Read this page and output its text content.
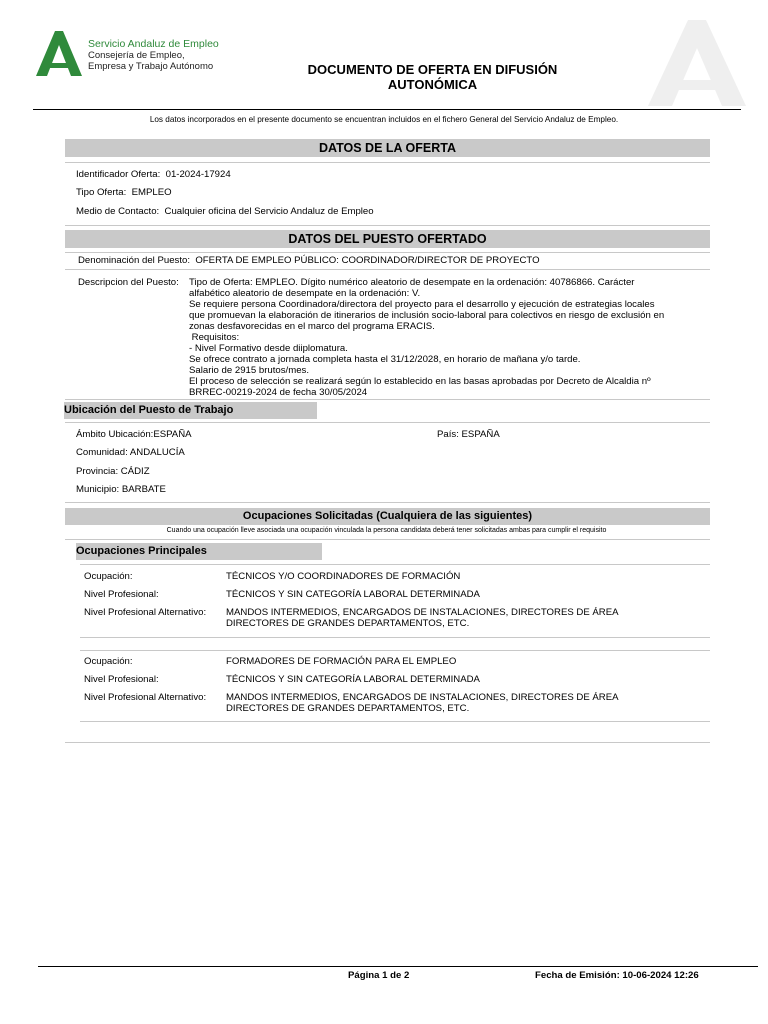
Servicio Andaluz de Empleo
Consejería de Empleo,
Empresa y Trabajo Autónomo	DOCUMENTO DE OFERTA EN DIFUSIÓN
AUTONÓMICA
Los datos incorporados en el presente documento se encuentran incluidos en el fichero General del Servicio Andaluz de Empleo.
DATOS DE LA OFERTA
Identificador Oferta: 01-2024-17924
Tipo Oferta: EMPLEO
Medio de Contacto: Cualquier oficina del Servicio Andaluz de Empleo
DATOS DEL PUESTO OFERTADO
Denominación del Puesto: OFERTA DE EMPLEO PÚBLICO: COORDINADOR/DIRECTOR DE PROYECTO
Descripcion del Puesto: Tipo de Oferta: EMPLEO. Dígito numérico aleatorio de desempate en la ordenación: 40786866. Carácter
alfabético aleatorio de desempate en la ordenación: V.
Se requiere persona Coordinadora/directora del proyecto para el desarrollo y ejecución de estrategias locales
que promuevan la elaboración de itinerarios de inclusión socio-laboral para colectivos en riesgo de exclusión en
zonas desfavorecidas en el marco del programa ERACIS.
Requisitos:
- Nivel Formativo desde diiplomatura.
Se ofrece contrato a jornada completa hasta el 31/12/2028, en horario de mañana y/o tarde.
Salario de 2915 brutos/mes.
El proceso de selección se realizará según lo establecido en las basas aprobadas por Decreto de Alcaldia nº
BRREC-00219-2024 de fecha 30/05/2024
Ubicación del Puesto de Trabajo
Ámbito Ubicación:ESPAÑA	País: ESPAÑA
Comunidad: ANDALUCÍA
Provincia: CÁDIZ
Municipio: BARBATE
Ocupaciones Solicitadas (Cualquiera de las siguientes)
Cuando una ocupación lleve asociada una ocupación vinculada la persona candidata deberá tener solicitadas ambas para cumplir el requisito
Ocupaciones Principales
Ocupación:	TÉCNICOS Y/O COORDINADORES DE FORMACIÓN
Nivel Profesional:	TÉCNICOS Y SIN CATEGORÍA LABORAL DETERMINADA
Nivel Profesional Alternativo: MANDOS INTERMEDIOS, ENCARGADOS DE INSTALACIONES, DIRECTORES DE ÁREA
DIRECTORES DE GRANDES DEPARTAMENTOS, ETC.
Ocupación:	FORMADORES DE FORMACIÓN PARA EL EMPLEO
Nivel Profesional:	TÉCNICOS Y SIN CATEGORÍA LABORAL DETERMINADA
Nivel Profesional Alternativo: MANDOS INTERMEDIOS, ENCARGADOS DE INSTALACIONES, DIRECTORES DE ÁREA
DIRECTORES DE GRANDES DEPARTAMENTOS, ETC.
Página 1 de 2	Fecha de Emisión: 10-06-2024 12:26
